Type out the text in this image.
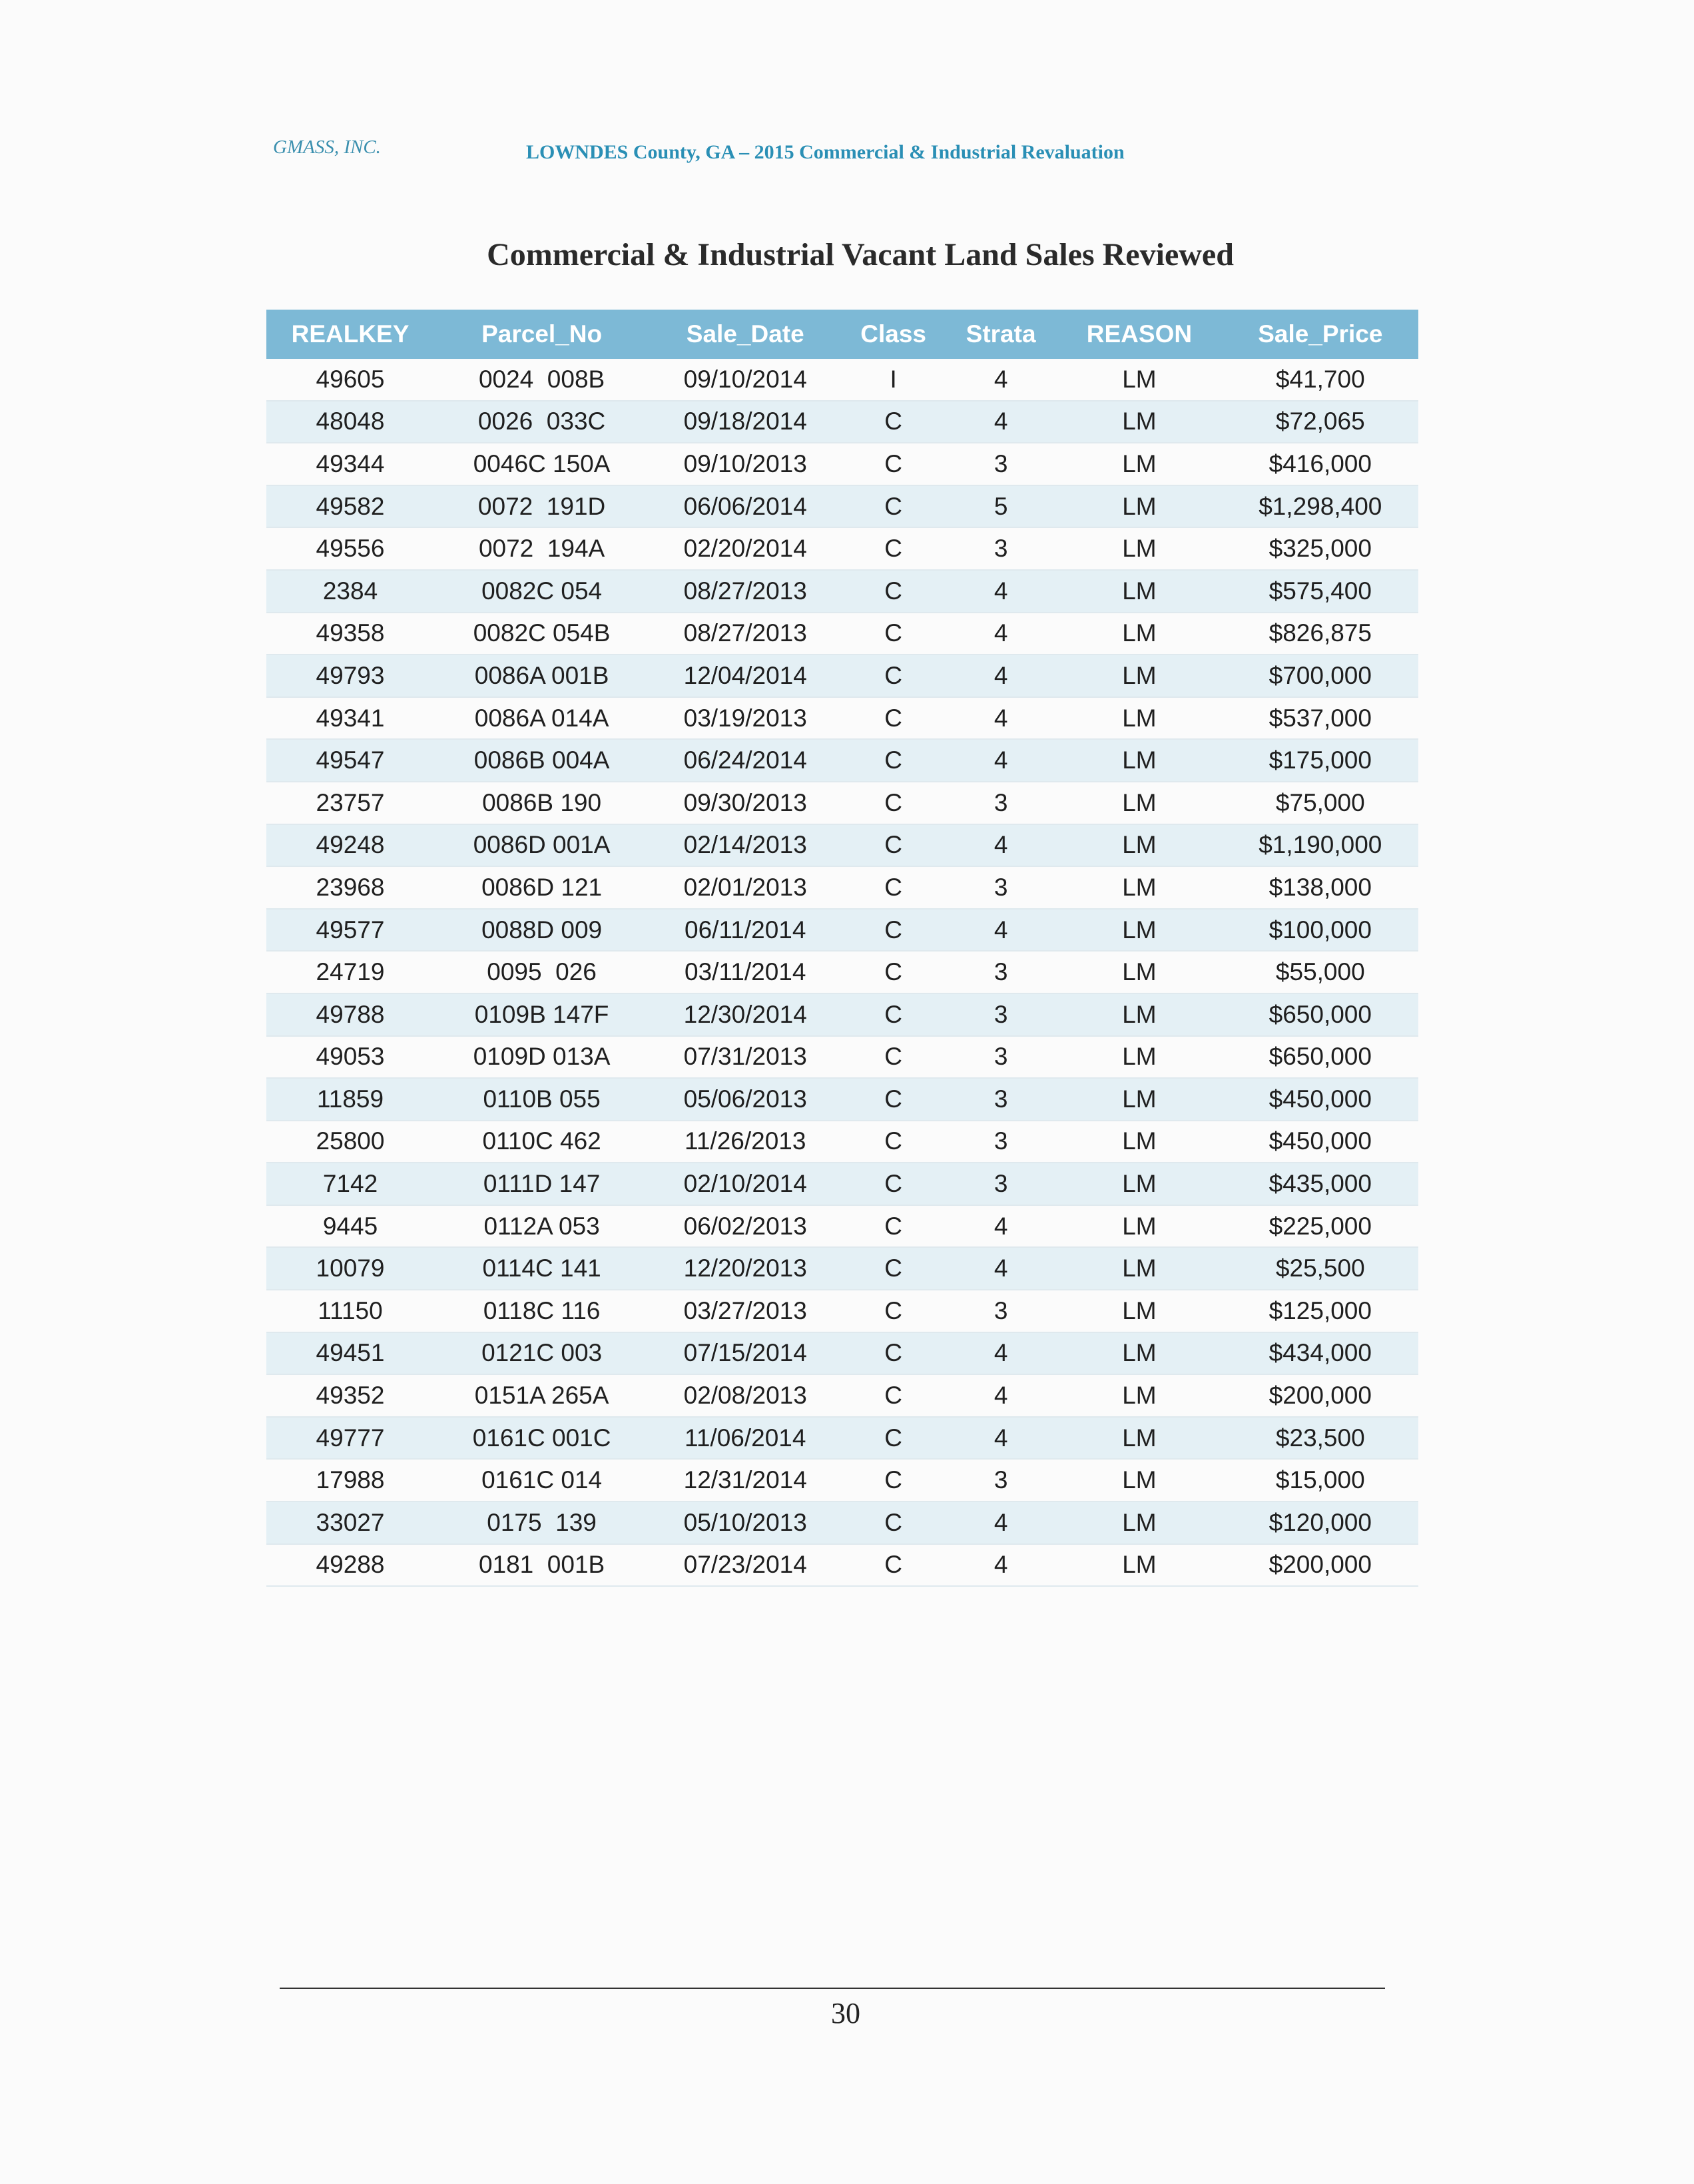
GMASS, INC.	LOWNDES County, GA – 2015 Commercial & Industrial Revaluation
Commercial & Industrial Vacant Land Sales Reviewed
REALKEY	Parcel_No	Sale_Date	Class	Strata	REASON	Sale_Price
49605	0024  008B	09/10/2014	I	4	LM	$41,700
48048	0026  033C	09/18/2014	C	4	LM	$72,065
49344	0046C 150A	09/10/2013	C	3	LM	$416,000
49582	0072  191D	06/06/2014	C	5	LM	$1,298,400
49556	0072  194A	02/20/2014	C	3	LM	$325,000
2384	0082C 054	08/27/2013	C	4	LM	$575,400
49358	0082C 054B	08/27/2013	C	4	LM	$826,875
49793	0086A 001B	12/04/2014	C	4	LM	$700,000
49341	0086A 014A	03/19/2013	C	4	LM	$537,000
49547	0086B 004A	06/24/2014	C	4	LM	$175,000
23757	0086B 190	09/30/2013	C	3	LM	$75,000
49248	0086D 001A	02/14/2013	C	4	LM	$1,190,000
23968	0086D 121	02/01/2013	C	3	LM	$138,000
49577	0088D 009	06/11/2014	C	4	LM	$100,000
24719	0095  026	03/11/2014	C	3	LM	$55,000
49788	0109B 147F	12/30/2014	C	3	LM	$650,000
49053	0109D 013A	07/31/2013	C	3	LM	$650,000
11859	0110B 055	05/06/2013	C	3	LM	$450,000
25800	0110C 462	11/26/2013	C	3	LM	$450,000
7142	0111D 147	02/10/2014	C	3	LM	$435,000
9445	0112A 053	06/02/2013	C	4	LM	$225,000
10079	0114C 141	12/20/2013	C	4	LM	$25,500
11150	0118C 116	03/27/2013	C	3	LM	$125,000
49451	0121C 003	07/15/2014	C	4	LM	$434,000
49352	0151A 265A	02/08/2013	C	4	LM	$200,000
49777	0161C 001C	11/06/2014	C	4	LM	$23,500
17988	0161C 014	12/31/2014	C	3	LM	$15,000
33027	0175  139	05/10/2013	C	4	LM	$120,000
49288	0181  001B	07/23/2014	C	4	LM	$200,000
30
